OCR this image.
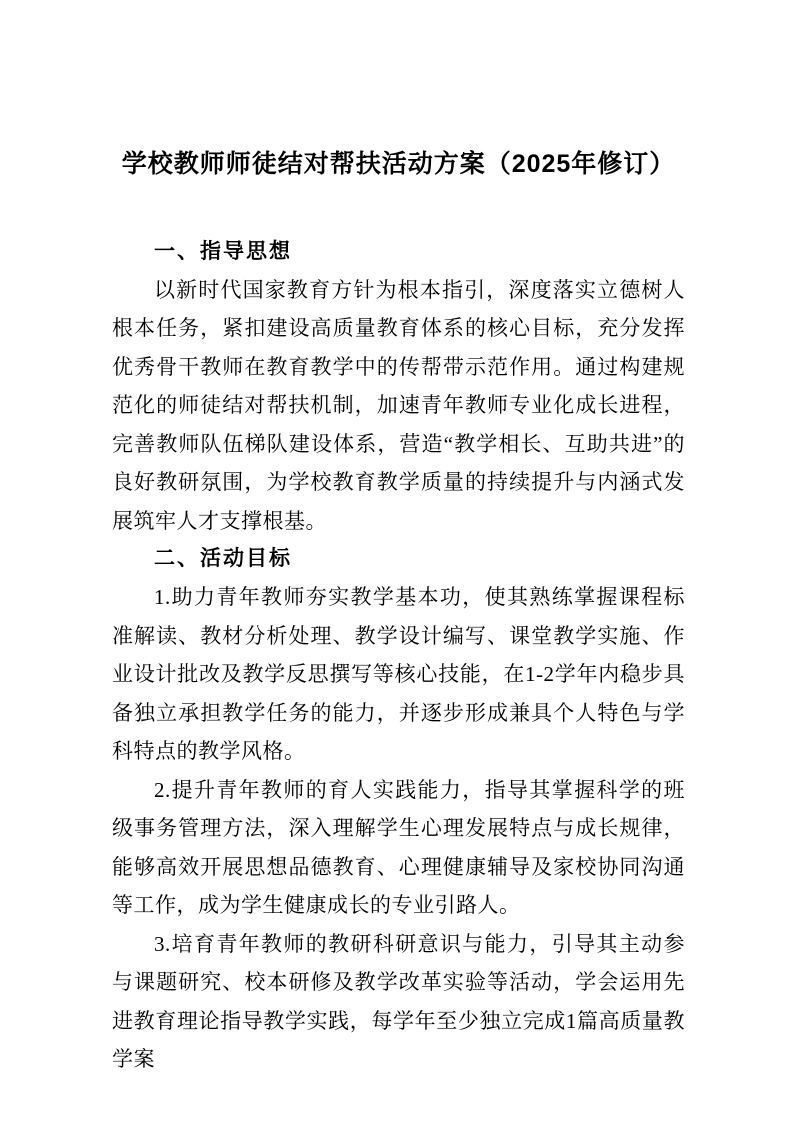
学校教师师徒结对帮扶活动方案（2025年修订）
一、指导思想

以新时代国家教育方针为根本指引，深度落实立德树人根本任务，紧扣建设高质量教育体系的核心目标，充分发挥优秀骨干教师在教育教学中的传帮带示范作用。通过构建规范化的师徒结对帮扶机制，加速青年教师专业化成长进程，完善教师队伍梯队建设体系，营造“教学相长、互助共进”的良好教研氛围，为学校教育教学质量的持续提升与内涵式发展筑牢人才支撑根基。

二、活动目标

1.助力青年教师夯实教学基本功，使其熟练掌握课程标准解读、教材分析处理、教学设计编写、课堂教学实施、作业设计批改及教学反思撰写等核心技能，在1-2学年内稳步具备独立承担教学任务的能力，并逐步形成兼具个人特色与学科特点的教学风格。

2.提升青年教师的育人实践能力，指导其掌握科学的班级事务管理方法，深入理解学生心理发展特点与成长规律，能够高效开展思想品德教育、心理健康辅导及家校协同沟通等工作，成为学生健康成长的专业引路人。

3.培育青年教师的教研科研意识与能力，引导其主动参与课题研究、校本研修及教学改革实验等活动，学会运用先进教育理论指导教学实践，每学年至少独立完成1篇高质量教学案
